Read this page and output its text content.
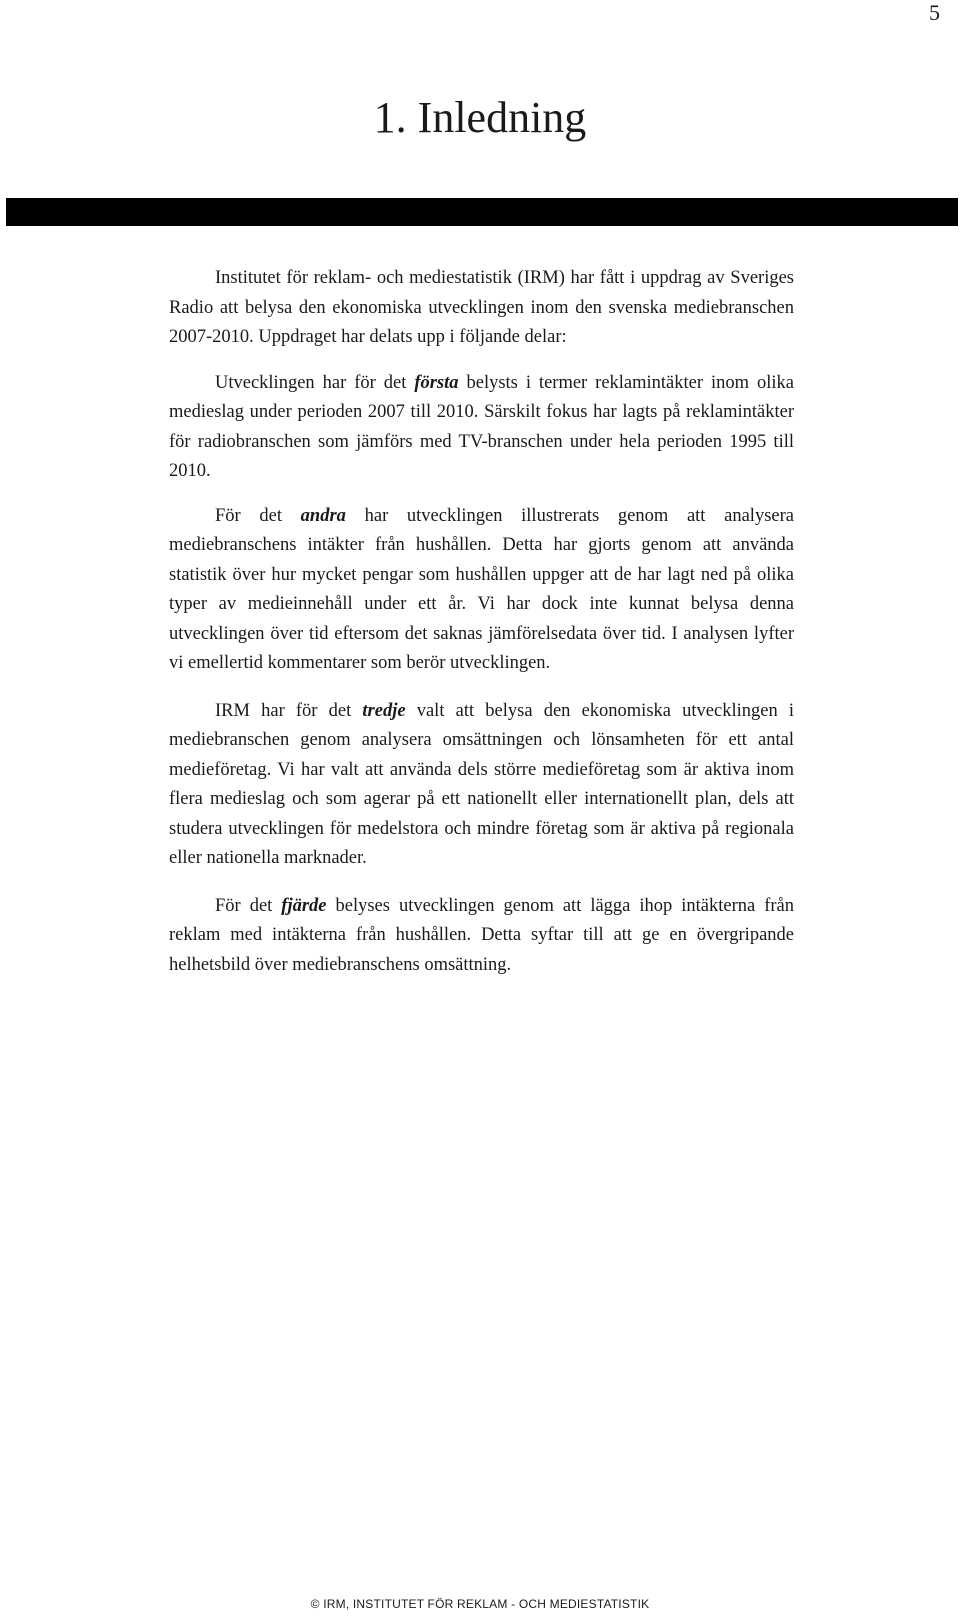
5
1. Inledning

Institutet för reklam- och mediestatistik (IRM) har fått i uppdrag av Sveriges Radio att belysa den ekonomiska utvecklingen inom den svenska mediebranschen 2007-2010. Uppdraget har delats upp i följande delar:

Utvecklingen har för det första belysts i termer reklamintäkter inom olika medieslag under perioden 2007 till 2010. Särskilt fokus har lagts på reklamintäkter för radiobranschen som jämförs med TV-branschen under hela perioden 1995 till 2010.

För det andra har utvecklingen illustrerats genom att analysera mediebranschens intäkter från hushållen. Detta har gjorts genom att använda statistik över hur mycket pengar som hushållen uppger att de har lagt ned på olika typer av medieinnehåll under ett år. Vi har dock inte kunnat belysa denna utvecklingen över tid eftersom det saknas jämförelsedata över tid. I analysen lyfter vi emellertid kommentarer som berör utvecklingen.

IRM har för det tredje valt att belysa den ekonomiska utvecklingen i mediebranschen genom analysera omsättningen och lönsamheten för ett antal medieföretag. Vi har valt att använda dels större medieföretag som är aktiva inom flera medieslag och som agerar på ett nationellt eller internationellt plan, dels att studera utvecklingen för medelstora och mindre företag som är aktiva på regionala eller nationella marknader.

För det fjärde belyses utvecklingen genom att lägga ihop intäkterna från reklam med intäkterna från hushållen. Detta syftar till att ge en övergripande helhetsbild över mediebranschens omsättning.

© IRM, INSTITUTET FÖR REKLAM - OCH MEDIESTATISTIK
